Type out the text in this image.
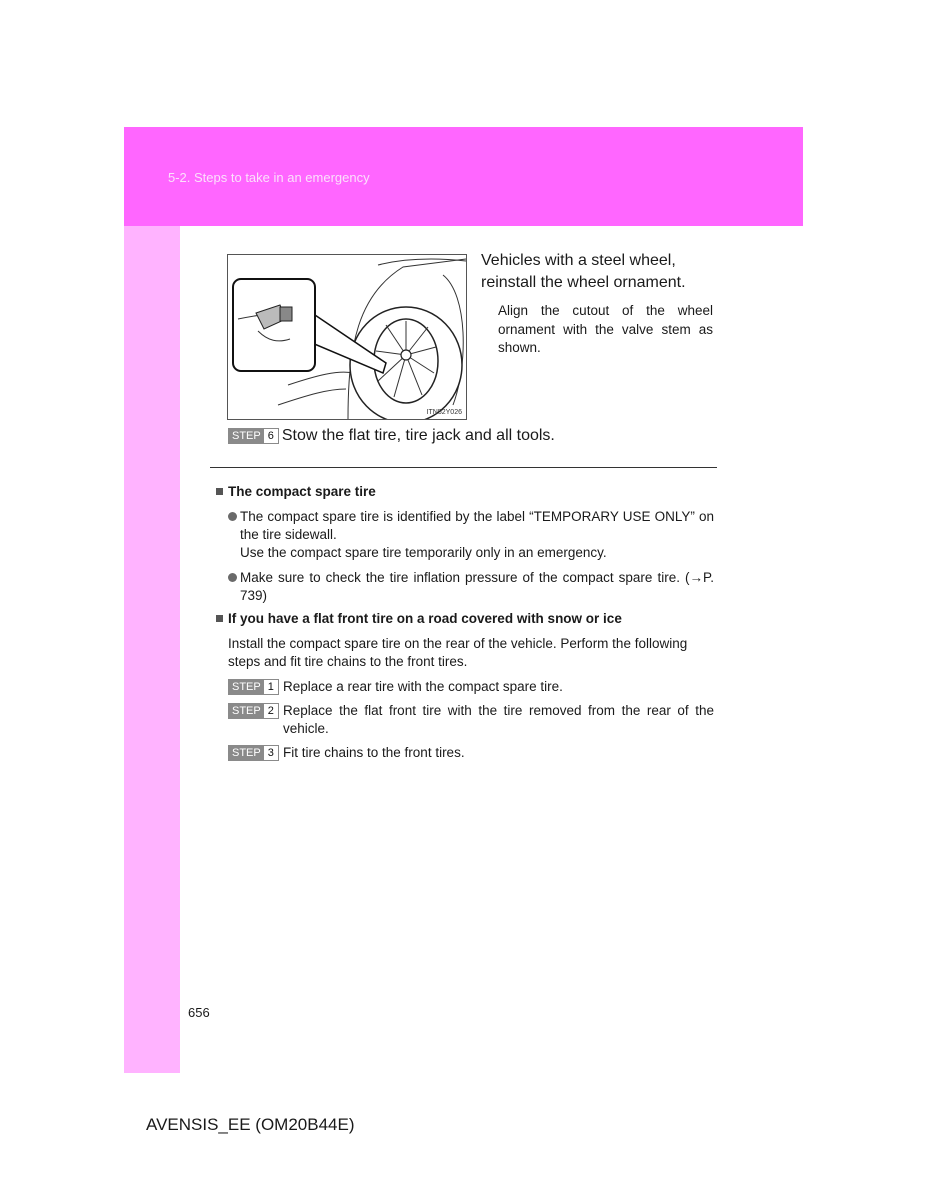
5-2. Steps to take in an emergency
ITN52Y026
Vehicles with a steel wheel, reinstall the wheel ornament.
Align the cutout of the wheel ornament with the valve stem as shown.
STEP 6 Stow the flat tire, tire jack and all tools.
The compact spare tire
The compact spare tire is identified by the label “TEMPORARY USE ONLY” on the tire sidewall.
Use the compact spare tire temporarily only in an emergency.
Make sure to check the tire inflation pressure of the compact spare tire. (→P. 739)
If you have a flat front tire on a road covered with snow or ice
Install the compact spare tire on the rear of the vehicle. Perform the following steps and fit tire chains to the front tires.
STEP 1 Replace a rear tire with the compact spare tire.
STEP 2 Replace the flat front tire with the tire removed from the rear of the vehicle.
STEP 3 Fit tire chains to the front tires.
656
AVENSIS_EE (OM20B44E)
